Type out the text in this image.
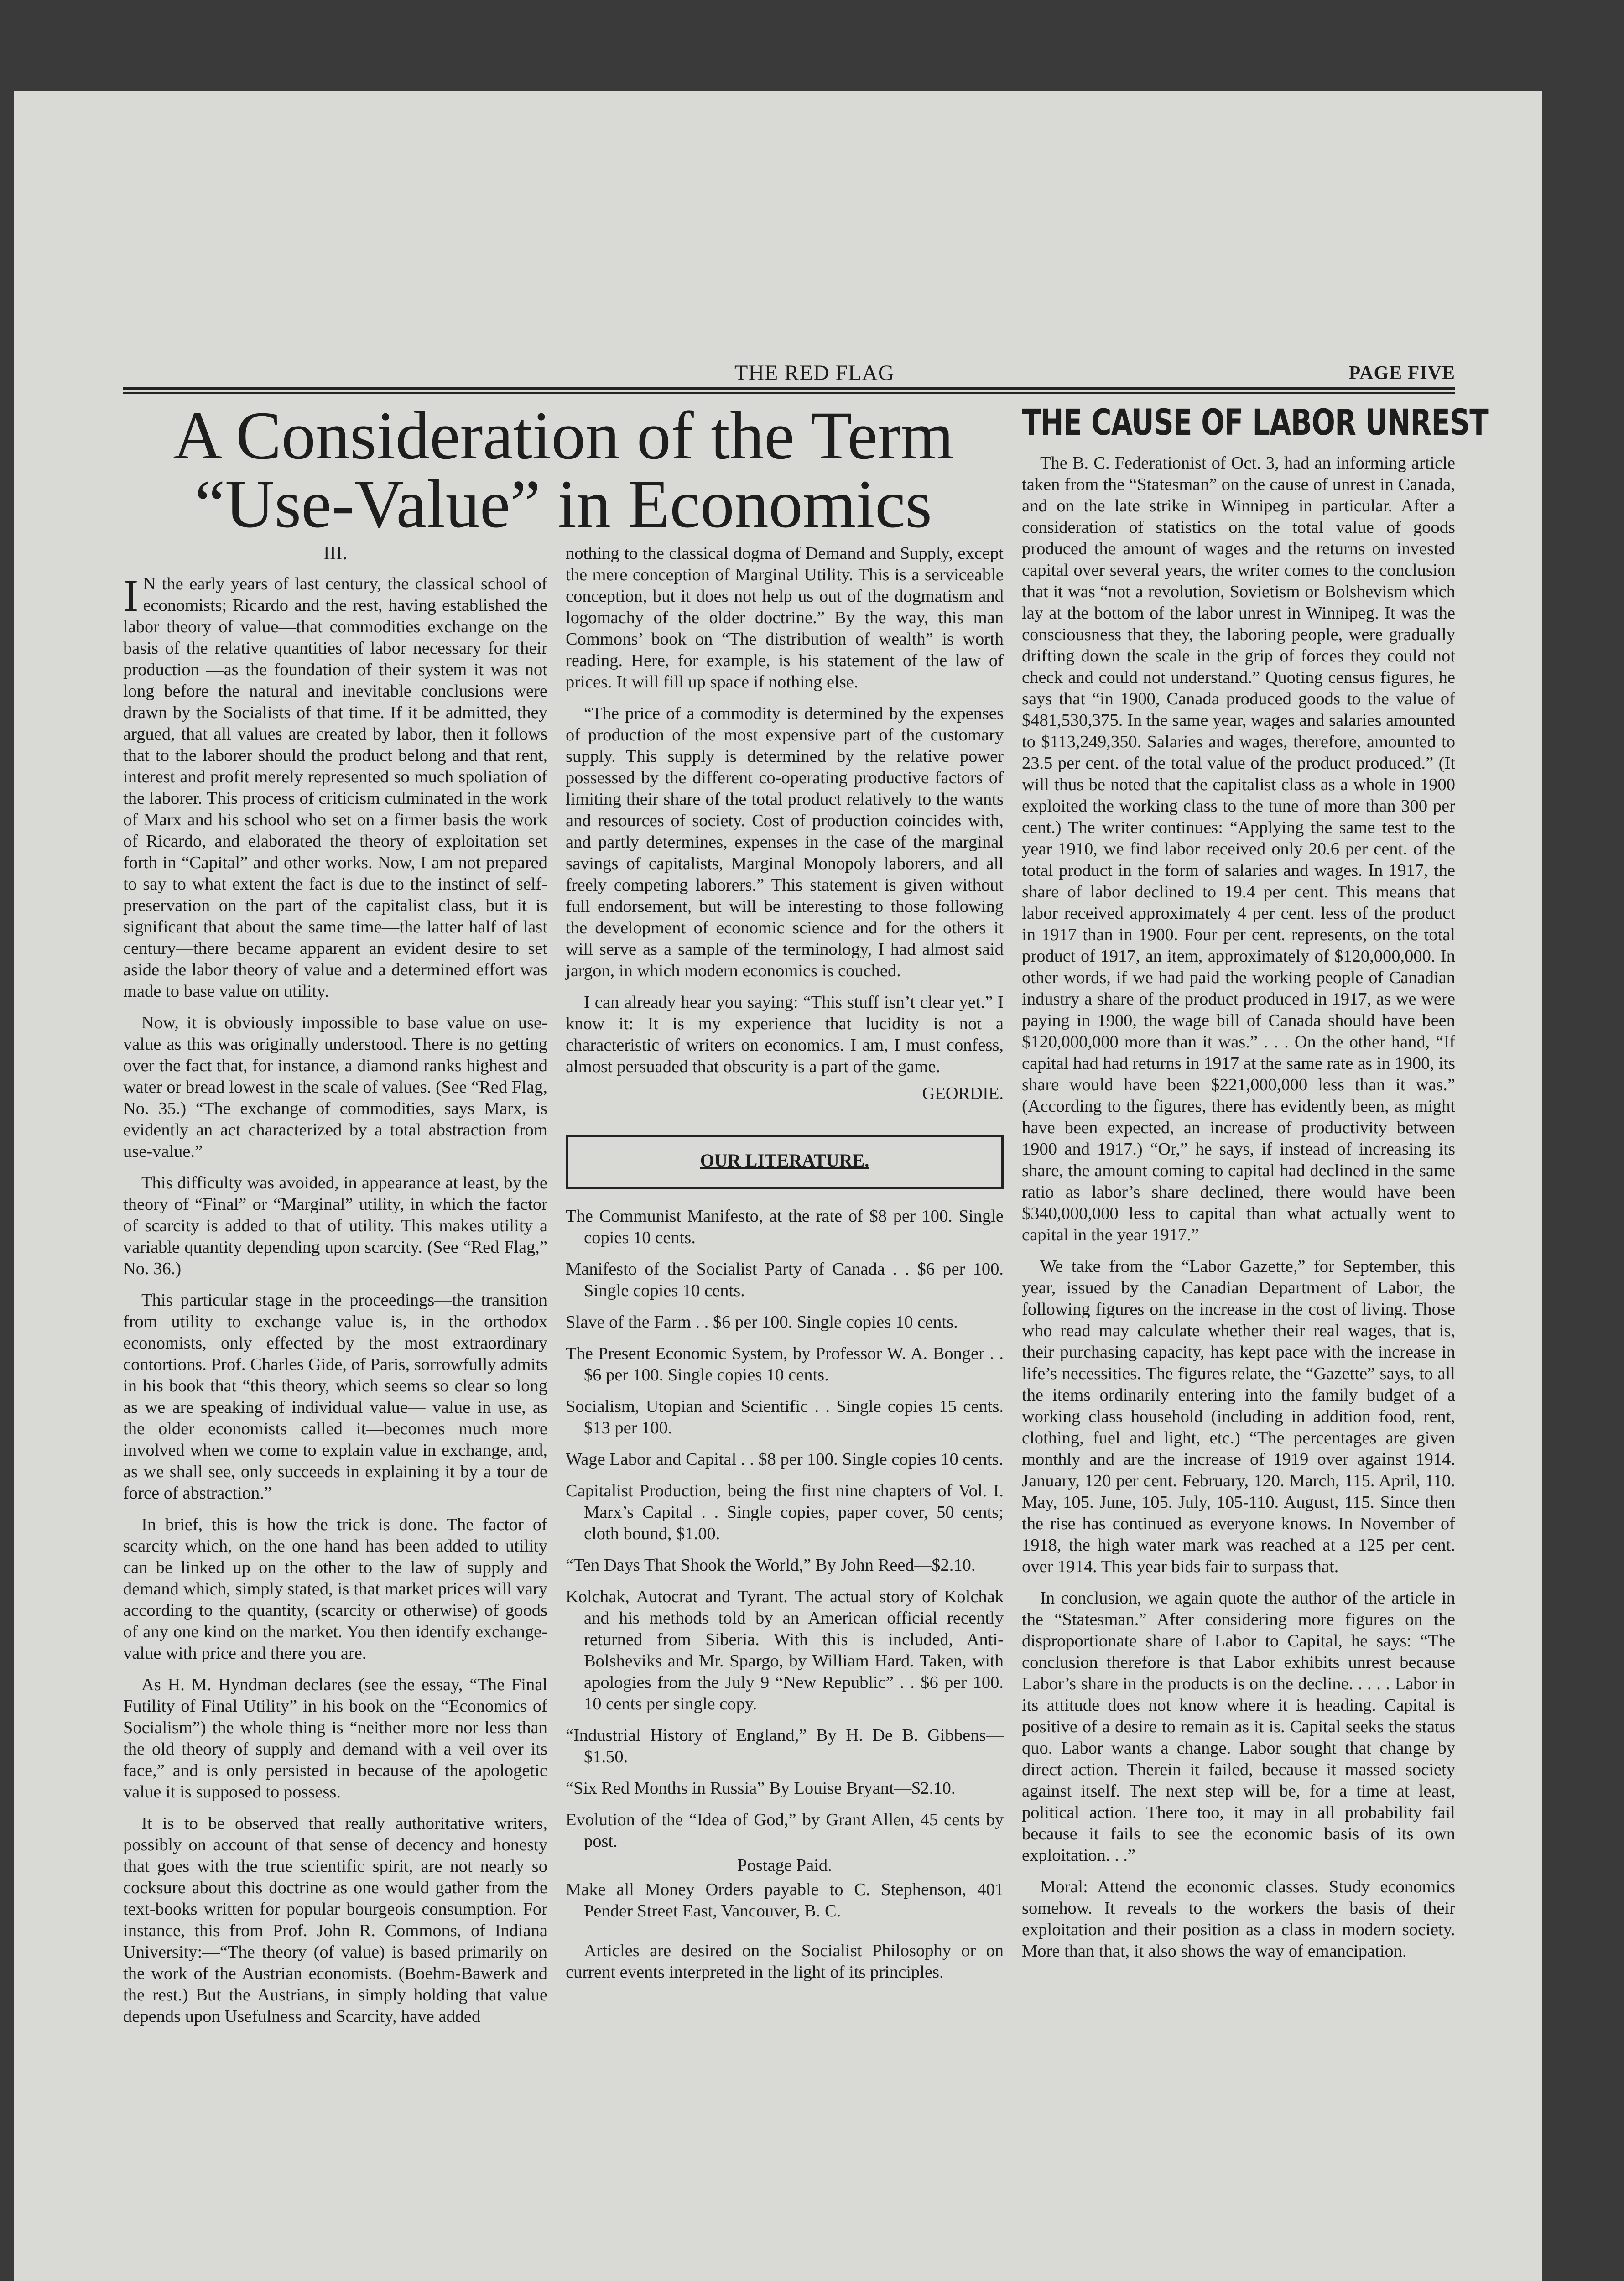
THE RED FLAG	PAGE FIVE
A Consideration of the Term “Use-Value” in Economics
III.

I N the early years of last century, the classical school of economists; Ricardo and the rest, having established the labor theory of value—that commodities exchange on the basis of the relative quantities of labor necessary for their production —as the foundation of their system it was not long before the natural and inevitable conclusions were drawn by the Socialists of that time. If it be admitted, they argued, that all values are created by labor, then it follows that to the laborer should the product belong and that rent, interest and profit merely represented so much spoliation of the laborer. This process of criticism culminated in the work of Marx and his school who set on a firmer basis the work of Ricardo, and elaborated the theory of exploitation set forth in “Capital” and other works. Now, I am not prepared to say to what extent the fact is due to the instinct of self-preservation on the part of the capitalist class, but it is significant that about the same time—the latter half of last century—there became apparent an evident desire to set aside the labor theory of value and a determined effort was made to base value on utility.

Now, it is obviously impossible to base value on use-value as this was originally understood. There is no getting over the fact that, for instance, a diamond ranks highest and water or bread lowest in the scale of values. (See “Red Flag, No. 35.) “The exchange of commodities, says Marx, is evidently an act characterized by a total abstraction from use-value.”

This difficulty was avoided, in appearance at least, by the theory of “Final” or “Marginal” utility, in which the factor of scarcity is added to that of utility. This makes utility a variable quantity depending upon scarcity. (See “Red Flag,” No. 36.)

This particular stage in the proceedings—the transition from utility to exchange value—is, in the orthodox economists, only effected by the most extraordinary contortions. Prof. Charles Gide, of Paris, sorrowfully admits in his book that “this theory, which seems so clear so long as we are speaking of individual value— value in use, as the older economists called it—becomes much more involved when we come to explain value in exchange, and, as we shall see, only succeeds in explaining it by a tour de force of abstraction.”

In brief, this is how the trick is done. The factor of scarcity which, on the one hand has been added to utility can be linked up on the other to the law of supply and demand which, simply stated, is that market prices will vary according to the quantity, (scarcity or otherwise) of goods of any one kind on the market. You then identify exchange-value with price and there you are.

As H. M. Hyndman declares (see the essay, “The Final Futility of Final Utility” in his book on the “Economics of Socialism”) the whole thing is “neither more nor less than the old theory of supply and demand with a veil over its face,” and is only persisted in because of the apologetic value it is supposed to possess.

It is to be observed that really authoritative writers, possibly on account of that sense of decency and honesty that goes with the true scientific spirit, are not nearly so cocksure about this doctrine as one would gather from the text-books written for popular bourgeois consumption. For instance, this from Prof. John R. Commons, of Indiana University:—“The theory (of value) is based primarily on the work of the Austrian economists. (Boehm-Bawerk and the rest.) But the Austrians, in simply holding that value depends upon Usefulness and Scarcity, have added

nothing to the classical dogma of Demand and Supply, except the mere conception of Marginal Utility. This is a serviceable conception, but it does not help us out of the dogmatism and logomachy of the older doctrine.” By the way, this man Commons’ book on “The distribution of wealth” is worth reading. Here, for example, is his statement of the law of prices. It will fill up space if nothing else.

“The price of a commodity is determined by the expenses of production of the most expensive part of the customary supply. This supply is determined by the relative power possessed by the different co-operating productive factors of limiting their share of the total product relatively to the wants and resources of society. Cost of production coincides with, and partly determines, expenses in the case of the marginal savings of capitalists, Marginal Monopoly laborers, and all freely competing laborers.” This statement is given without full endorsement, but will be interesting to those following the development of economic science and for the others it will serve as a sample of the terminology, I had almost said jargon, in which modern economics is couched.

I can already hear you saying: “This stuff isn’t clear yet.” I know it: It is my experience that lucidity is not a characteristic of writers on economics. I am, I must confess, almost persuaded that obscurity is a part of the game.

GEORDIE.
OUR LITERATURE.

The Communist Manifesto, at the rate of $8 per 100. Single copies 10 cents.

Manifesto of the Socialist Party of Canada . . $6 per 100. Single copies 10 cents.

Slave of the Farm . . $6 per 100. Single copies 10 cents.

The Present Economic System, by Professor W. A. Bonger . . $6 per 100. Single copies 10 cents.

Socialism, Utopian and Scientific . . Single copies 15 cents. $13 per 100.

Wage Labor and Capital . . $8 per 100. Single copies 10 cents.

Capitalist Production, being the first nine chapters of Vol. I. Marx’s Capital . . Single copies, paper cover, 50 cents; cloth bound, $1.00.

“Ten Days That Shook the World,” By John Reed—$2.10.

Kolchak, Autocrat and Tyrant. The actual story of Kolchak and his methods told by an American official recently returned from Siberia. With this is included, Anti-Bolsheviks and Mr. Spargo, by William Hard. Taken, with apologies from the July 9 “New Republic” . . $6 per 100. 10 cents per single copy.

“Industrial History of England,” By H. De B. Gibbens—$1.50.

“Six Red Months in Russia” By Louise Bryant—$2.10.

Evolution of the “Idea of God,” by Grant Allen, 45 cents by post.

Postage Paid.

Make all Money Orders payable to C. Stephenson, 401 Pender Street East, Vancouver, B. C.

Articles are desired on the Socialist Philosophy or on current events interpreted in the light of its principles.

THE CAUSE OF LABOR UNREST

The B. C. Federationist of Oct. 3, had an informing article taken from the “Statesman” on the cause of unrest in Canada, and on the late strike in Winnipeg in particular. After a consideration of statistics on the total value of goods produced the amount of wages and the returns on invested capital over several years, the writer comes to the conclusion that it was “not a revolution, Sovietism or Bolshevism which lay at the bottom of the labor unrest in Winnipeg. It was the consciousness that they, the laboring people, were gradually drifting down the scale in the grip of forces they could not check and could not understand.” Quoting census figures, he says that “in 1900, Canada produced goods to the value of $481,530,375. In the same year, wages and salaries amounted to $113,249,350. Salaries and wages, therefore, amounted to 23.5 per cent. of the total value of the product produced.” (It will thus be noted that the capitalist class as a whole in 1900 exploited the working class to the tune of more than 300 per cent.) The writer continues: “Applying the same test to the year 1910, we find labor received only 20.6 per cent. of the total product in the form of salaries and wages. In 1917, the share of labor declined to 19.4 per cent. This means that labor received approximately 4 per cent. less of the product in 1917 than in 1900. Four per cent. represents, on the total product of 1917, an item, approximately of $120,000,000. In other words, if we had paid the working people of Canadian industry a share of the product produced in 1917, as we were paying in 1900, the wage bill of Canada should have been $120,000,000 more than it was.” . . . On the other hand, “If capital had had returns in 1917 at the same rate as in 1900, its share would have been $221,000,000 less than it was.” (According to the figures, there has evidently been, as might have been expected, an increase of productivity between 1900 and 1917.) “Or,” he says, if instead of increasing its share, the amount coming to capital had declined in the same ratio as labor’s share declined, there would have been $340,000,000 less to capital than what actually went to capital in the year 1917.”

We take from the “Labor Gazette,” for September, this year, issued by the Canadian Department of Labor, the following figures on the increase in the cost of living. Those who read may calculate whether their real wages, that is, their purchasing capacity, has kept pace with the increase in life’s necessities. The figures relate, the “Gazette” says, to all the items ordinarily entering into the family budget of a working class household (including in addition food, rent, clothing, fuel and light, etc.) “The percentages are given monthly and are the increase of 1919 over against 1914. January, 120 per cent. February, 120. March, 115. April, 110. May, 105. June, 105. July, 105-110. August, 115. Since then the rise has continued as everyone knows. In November of 1918, the high water mark was reached at a 125 per cent. over 1914. This year bids fair to surpass that.

In conclusion, we again quote the author of the article in the “Statesman.” After considering more figures on the disproportionate share of Labor to Capital, he says: “The conclusion therefore is that Labor exhibits unrest because Labor’s share in the products is on the decline. . . . . Labor in its attitude does not know where it is heading. Capital is positive of a desire to remain as it is. Capital seeks the status quo. Labor wants a change. Labor sought that change by direct action. Therein it failed, because it massed society against itself. The next step will be, for a time at least, political action. There too, it may in all probability fail because it fails to see the economic basis of its own exploitation. . .”

Moral: Attend the economic classes. Study economics somehow. It reveals to the workers the basis of their exploitation and their position as a class in modern society. More than that, it also shows the way of emancipation.
